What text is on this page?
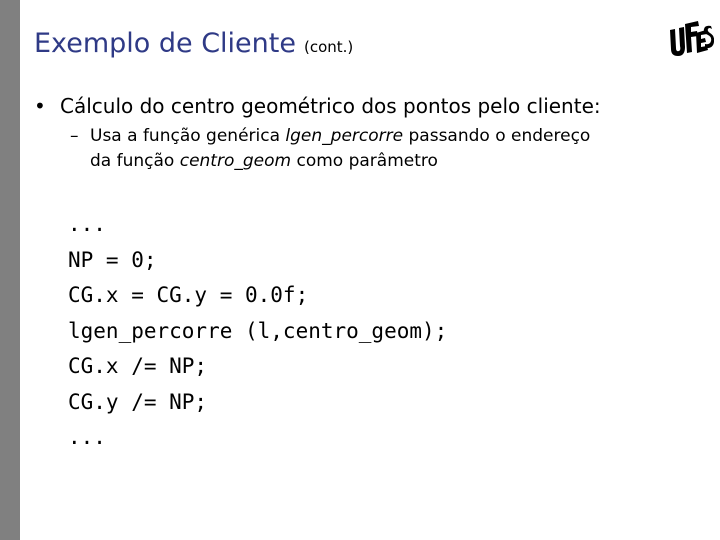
Exemplo de Cliente (cont.)
• Cálculo do centro geométrico dos pontos pelo cliente:
– Usa a função genérica lgen_percorre passando o endereço
da função centro_geom como parâmetro
...
NP = 0;
CG.x = CG.y = 0.0f;
lgen_percorre (l,centro_geom);
CG.x /= NP;
CG.y /= NP;
...
